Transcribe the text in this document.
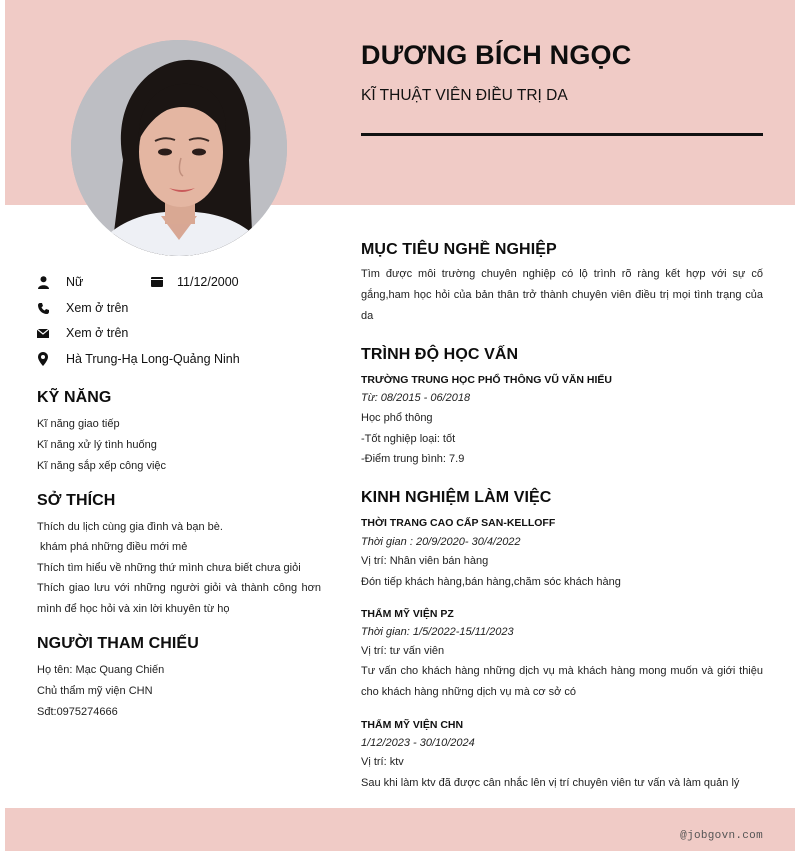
DƯƠNG BÍCH NGỌC
KĨ THUẬT VIÊN ĐIỀU TRỊ DA
Nữ	11/12/2000
Xem ở trên
Xem ở trên
Hà Trung-Hạ Long-Quảng Ninh
KỸ NĂNG
Kĩ năng giao tiếp
Kĩ năng xử lý tình huống
Kĩ năng sắp xếp công việc
SỞ THÍCH
Thích du lịch cùng gia đình và bạn bè.
khám phá những điều mới mẻ
Thích tìm hiểu về những thứ mình chưa biết chưa giỏi
Thích giao lưu với những người giỏi và thành công hơn mình để học hỏi và xin lời khuyên từ họ
NGƯỜI THAM CHIẾU
Họ tên: Mạc Quang Chiến
Chủ thẩm mỹ viện CHN
Sđt:0975274666
MỤC TIÊU NGHỀ NGHIỆP
Tìm được môi trường chuyên nghiệp có lộ trình rõ ràng kết hợp với sự cố gắng,ham học hỏi của bản thân trở thành chuyên viên điều trị mọi tình trạng của da
TRÌNH ĐỘ HỌC VẤN
TRƯỜNG TRUNG HỌC PHỔ THÔNG VŨ VĂN HIẾU
Từ: 08/2015 - 06/2018
Học phổ thông
-Tốt nghiệp loại: tốt
-Điểm trung bình: 7.9
KINH NGHIỆM LÀM VIỆC
THỜI TRANG CAO CẤP SAN-KELLOFF
Thời gian : 20/9/2020- 30/4/2022
Vị trí: Nhân viên bán hàng
Đón tiếp khách hàng,bán hàng,chăm sóc khách hàng
THẨM MỸ VIỆN PZ
Thời gian: 1/5/2022-15/11/2023
Vị trí: tư vấn viên
Tư vấn cho khách hàng những dịch vụ mà khách hàng mong muốn và giới thiệu cho khách hàng những dịch vụ mà cơ sở có
THẨM MỸ VIỆN CHN
1/12/2023 - 30/10/2024
Vị trí: ktv
Sau khi làm ktv đã được cân nhắc lên vị trí chuyên viên tư vấn và làm quản lý
@jobgovn.com
